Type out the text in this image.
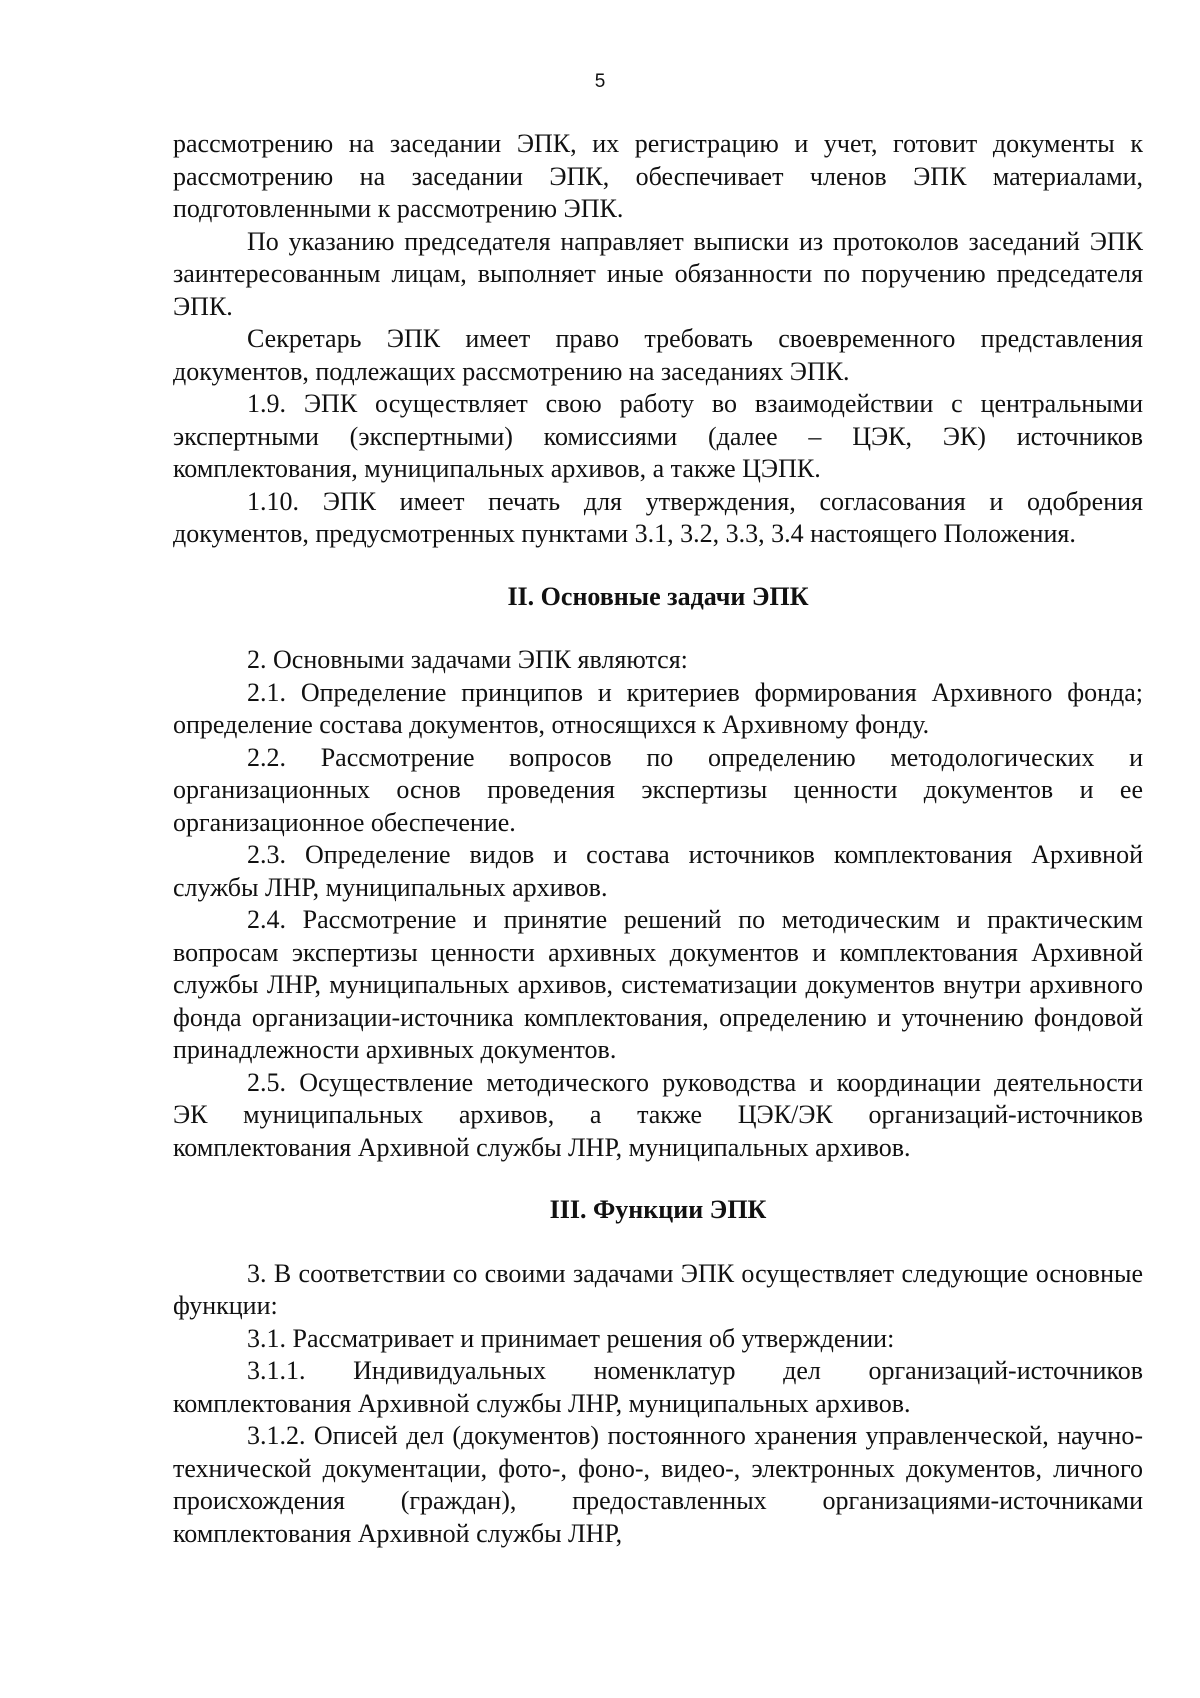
5

рассмотрению на заседании ЭПК, их регистрацию и учет, готовит документы к рассмотрению на заседании ЭПК, обеспечивает членов ЭПК материалами, подготовленными к рассмотрению ЭПК.

По указанию председателя направляет выписки из протоколов заседаний ЭПК заинтересованным лицам, выполняет иные обязанности по поручению председателя ЭПК.

Секретарь ЭПК имеет право требовать своевременного представления документов, подлежащих рассмотрению на заседаниях ЭПК.

1.9. ЭПК осуществляет свою работу во взаимодействии с центральными экспертными (экспертными) комиссиями (далее – ЦЭК, ЭК) источников комплектования, муниципальных архивов, а также ЦЭПК.

1.10. ЭПК имеет печать для утверждения, согласования и одобрения документов, предусмотренных пунктами 3.1, 3.2, 3.3, 3.4 настоящего Положения.

II. Основные задачи ЭПК

2. Основными задачами ЭПК являются:

2.1. Определение принципов и критериев формирования Архивного фонда; определение состава документов, относящихся к Архивному фонду.

2.2. Рассмотрение вопросов по определению методологических и организационных основ проведения экспертизы ценности документов и ее организационное обеспечение.

2.3. Определение видов и состава источников комплектования Архивной службы ЛНР, муниципальных архивов.

2.4. Рассмотрение и принятие решений по методическим и практическим вопросам экспертизы ценности архивных документов и комплектования Архивной службы ЛНР, муниципальных архивов, систематизации документов внутри архивного фонда организации-источника комплектования, определению и уточнению фондовой принадлежности архивных документов.

2.5. Осуществление методического руководства и координации деятельности ЭК муниципальных архивов, а также ЦЭК/ЭК организаций-источников комплектования Архивной службы ЛНР, муниципальных архивов.

III. Функции ЭПК

3. В соответствии со своими задачами ЭПК осуществляет следующие основные функции:

3.1. Рассматривает и принимает решения об утверждении:

3.1.1. Индивидуальных номенклатур дел организаций-источников комплектования Архивной службы ЛНР, муниципальных архивов.

3.1.2. Описей дел (документов) постоянного хранения управленческой, научно-технической документации, фото-, фоно-, видео-, электронных документов, личного происхождения (граждан), предоставленных организациями-источниками комплектования Архивной службы ЛНР,
